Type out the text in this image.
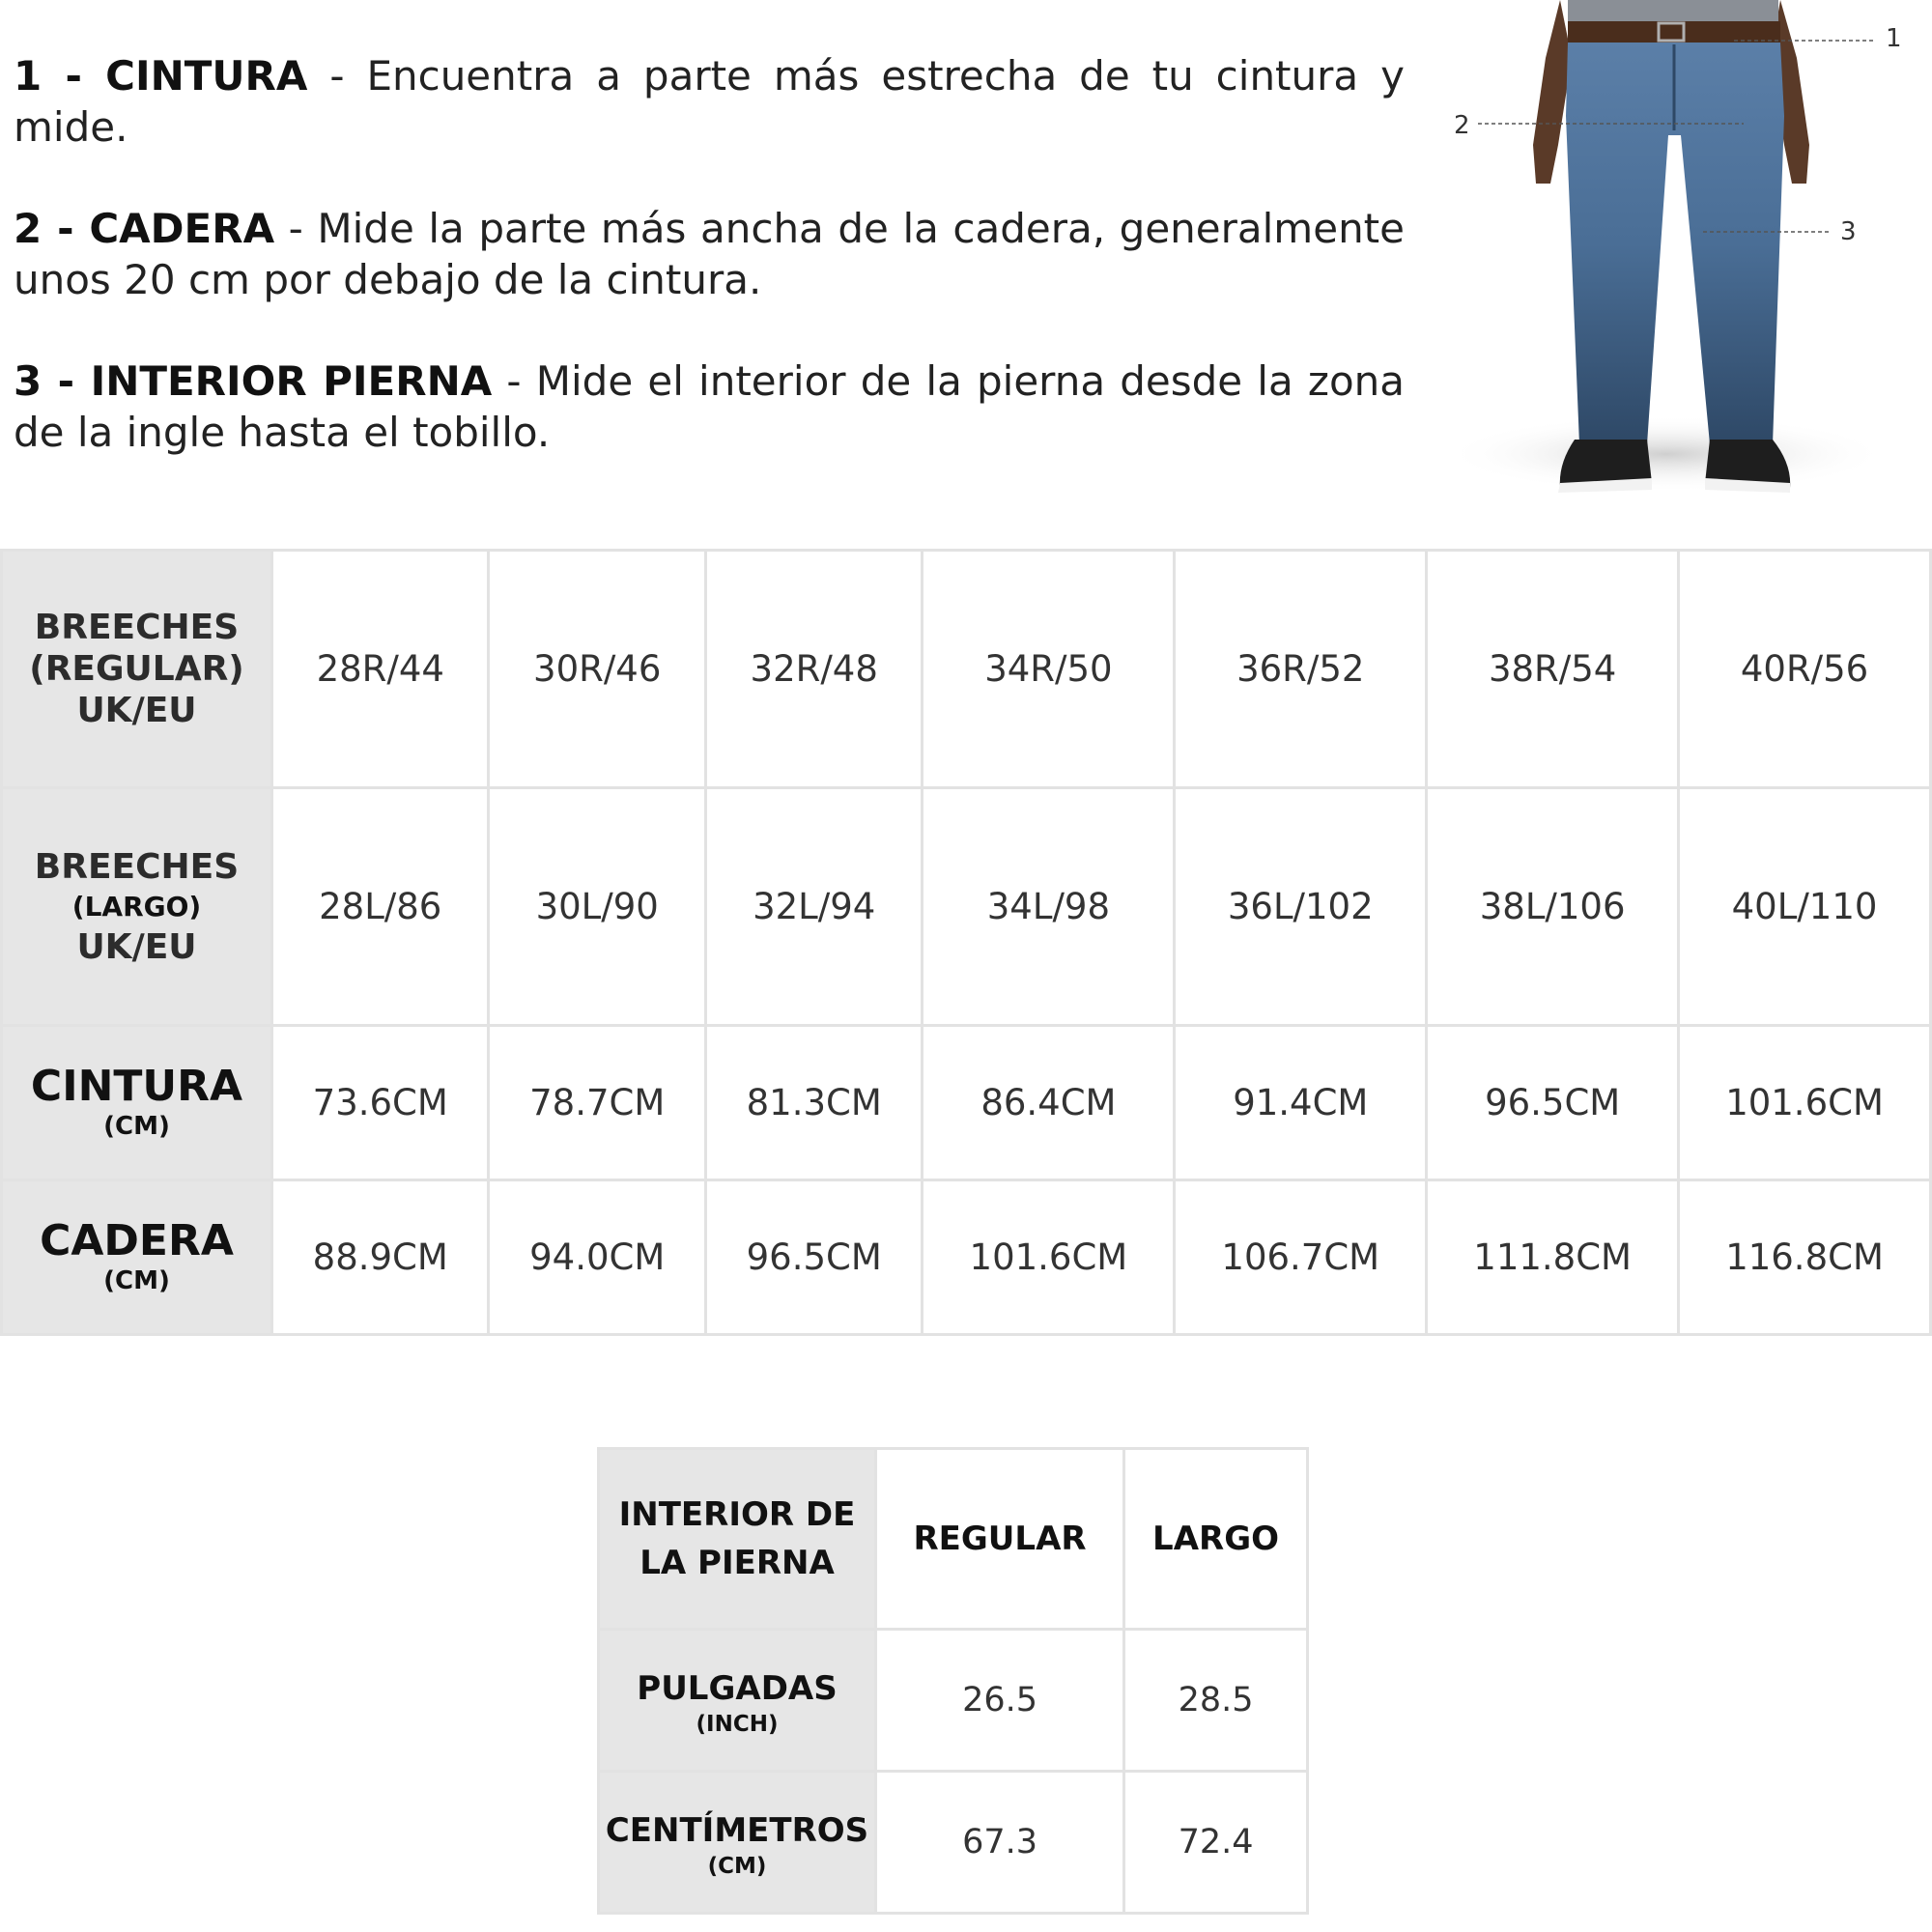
1 - CINTURA - Encuentra a parte más estrecha de tu cintura y mide.

2 - CADERA - Mide la parte más ancha de la cadera, generalmente unos 20 cm por debajo de la cintura.

3 - INTERIOR PIERNA - Mide el interior de la pierna desde la zona de la ingle hasta el tobillo.

1
2
3
BREECHES
(REGULAR)
UK/EU	28R/44	30R/46	32R/48	34R/50	36R/52	38R/54	40R/56

BREECHES
(LARGO)
UK/EU	28L/86	30L/90	32L/94	34L/98	36L/102	38L/106	40L/110

CINTURA
(CM)	73.6CM	78.7CM	81.3CM	86.4CM	91.4CM	96.5CM	101.6CM

CADERA
(CM)	88.9CM	94.0CM	96.5CM	101.6CM	106.7CM	111.8CM	116.8CM
INTERIOR DE LA PIERNA	REGULAR	LARGO

PULGADAS
(INCH)	26.5	28.5

CENTÍMETROS
(CM)	67.3	72.4
